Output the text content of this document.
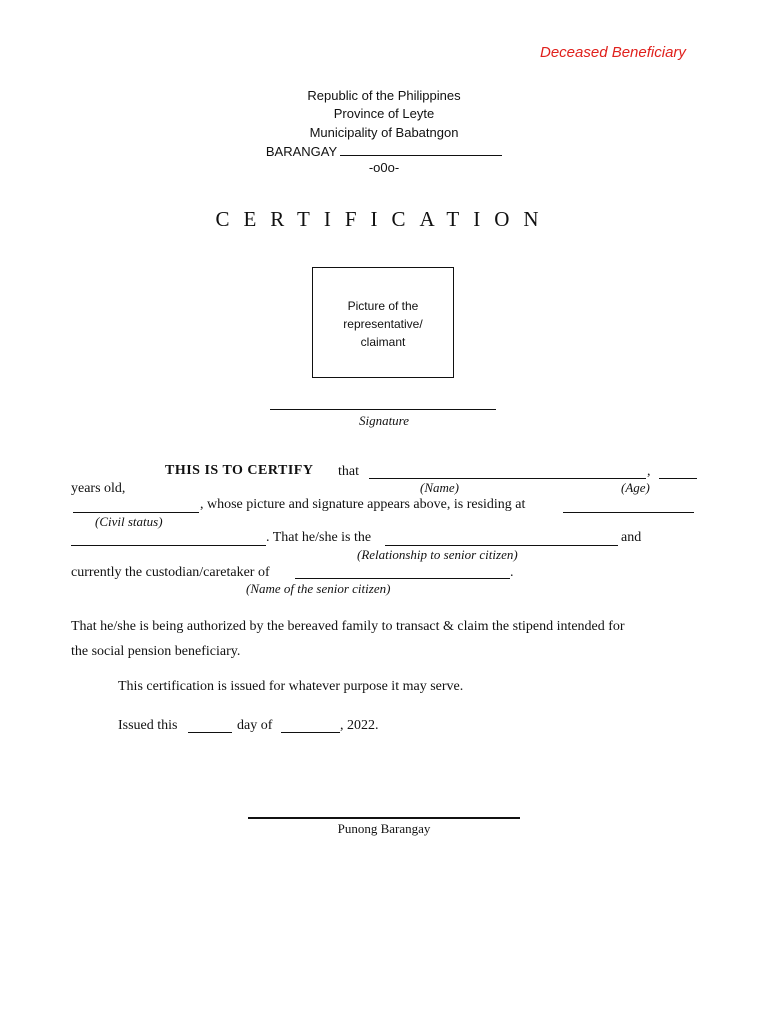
Deceased Beneficiary
Republic of the Philippines
Province of Leyte
Municipality of Babatngon
BARANGAY
-o0o-
CERTIFICATION
Picture of the
representative/
claimant
Signature
THIS IS TO CERTIFY that	,
years old,	(Name)	(Age)
, whose picture and signature appears above, is residing at
(Civil status)
. That he/she is the	and
(Relationship to senior citizen)
currently the custodian/caretaker of	.
(Name of the senior citizen)
That he/she is being authorized by the bereaved family to transact & claim the stipend intended for
the social pension beneficiary.
This certification is issued for whatever purpose it may serve.
Issued this	day of	, 2022.
Punong Barangay
